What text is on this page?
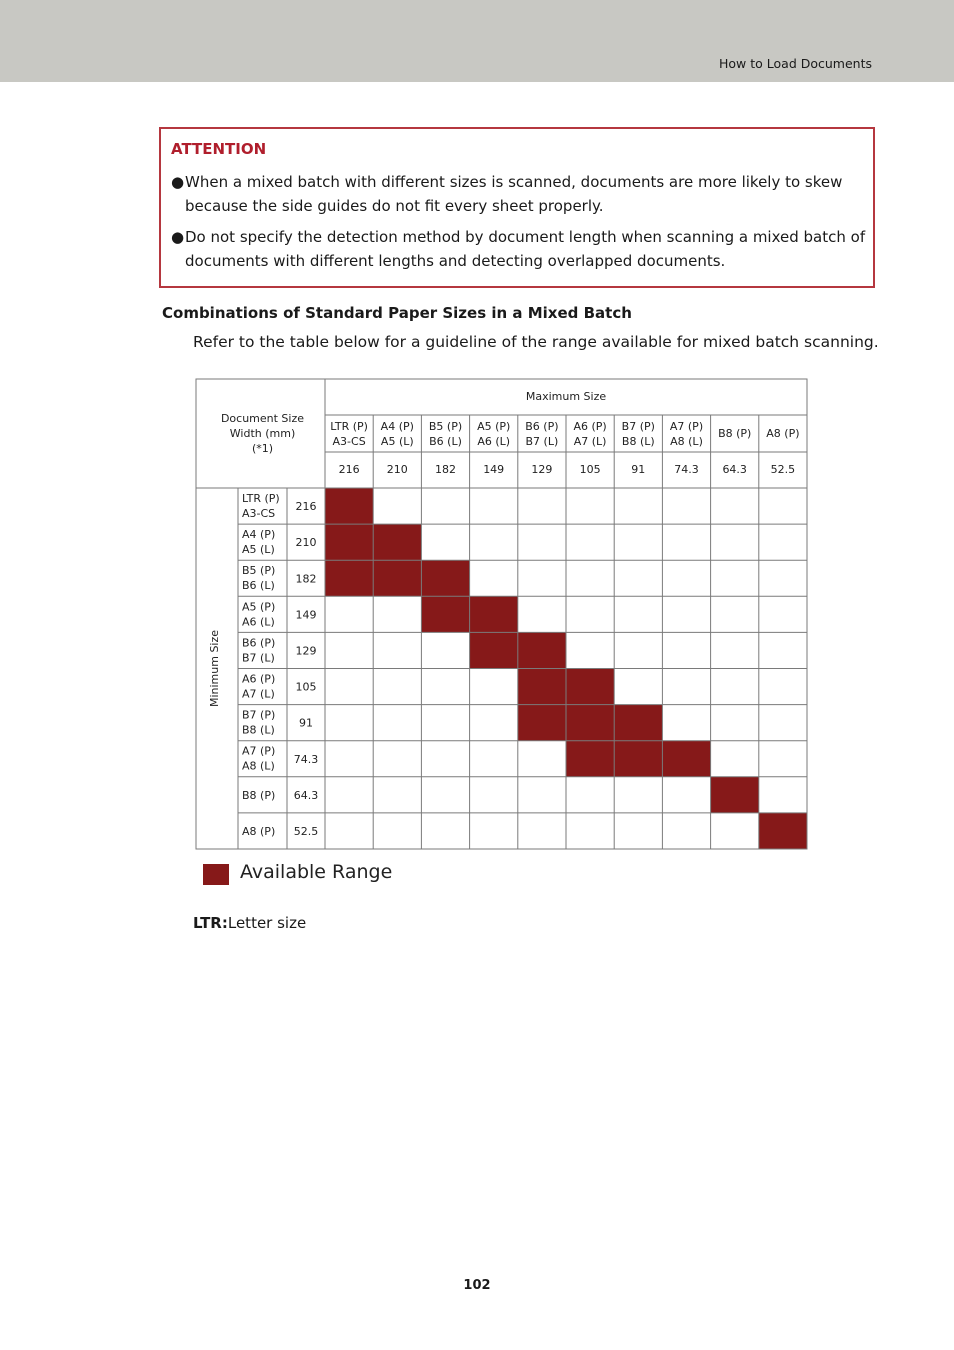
How to Load Documents
ATTENTION
● When a mixed batch with different sizes is scanned, documents are more likely to skew because the side guides do not fit every sheet properly.
● Do not specify the detection method by document length when scanning a mixed batch of documents with different lengths and detecting overlapped documents.
Combinations of Standard Paper Sizes in a Mixed Batch
Refer to the table below for a guideline of the range available for mixed batch scanning.
Document Size
Width (mm)
(*1)
Maximum Size
LTR (P)
A3-CS
216
A4 (P)
A5 (L)
210
B5 (P)
B6 (L)
182
A5 (P)
A6 (L)
149
B6 (P)
B7 (L)
129
A6 (P)
A7 (L)
105
B7 (P)
B8 (L)
91
A7 (P)
A8 (L)
74.3
B8 (P)
64.3
A8 (P)
52.5
Minimum Size
LTR (P)
A3-CS
216
A4 (P)
A5 (L)
210
B5 (P)
B6 (L)
182
A5 (P)
A6 (L)
149
B6 (P)
B7 (L)
129
A6 (P)
A7 (L)
105
B7 (P)
B8 (L)
91
A7 (P)
A8 (L)
74.3
B8 (P) 64.3
A8 (P) 52.5
Available Range
LTR:Letter size
102
